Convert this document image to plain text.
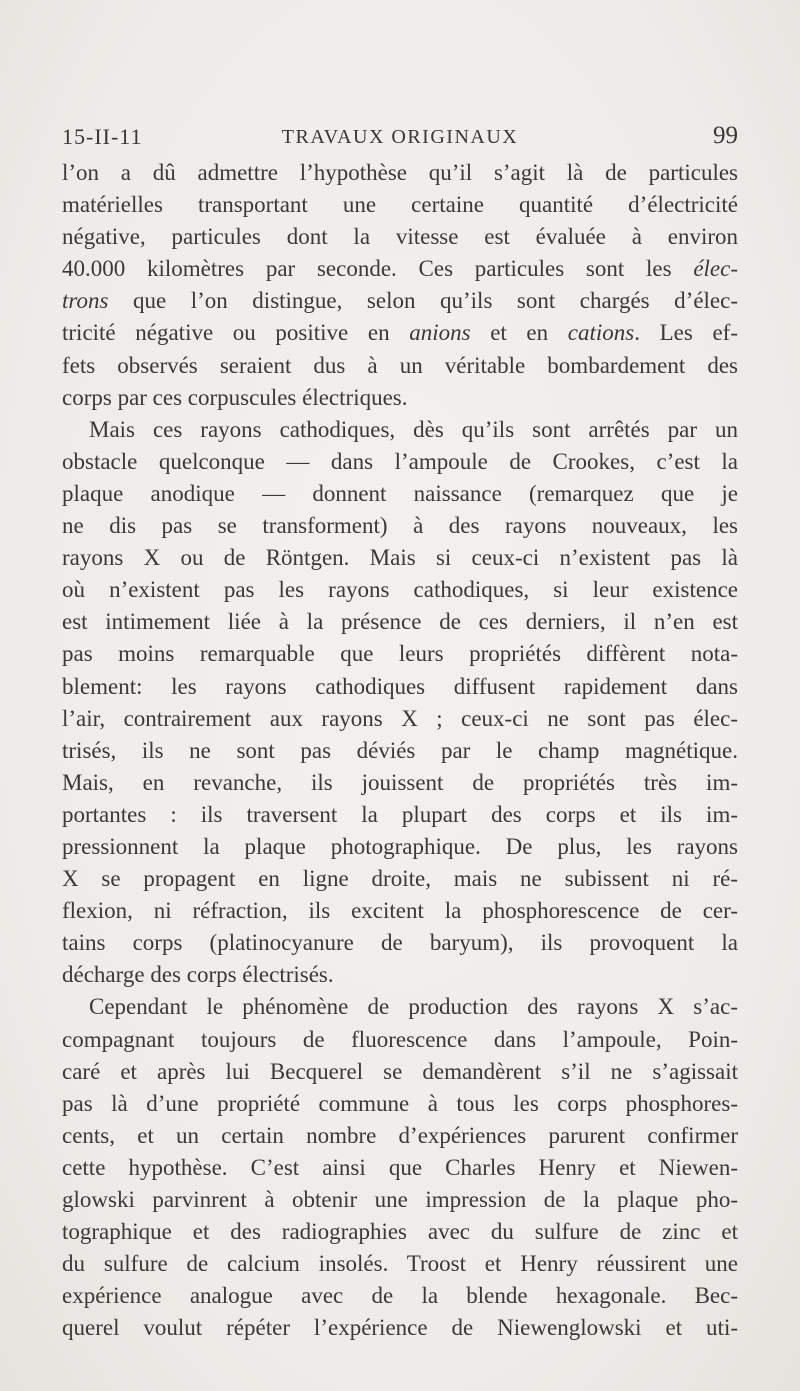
15-II-11	TRAVAUX ORIGINAUX	99
l’on a dû admettre l’hypothèse qu’il s’agit là de particules
matérielles transportant une certaine quantité d’électricité
négative, particules dont la vitesse est évaluée à environ
40.000 kilomètres par seconde. Ces particules sont les élec-
trons que l’on distingue, selon qu’ils sont chargés d’élec-
tricité négative ou positive en anions et en cations. Les ef-
fets observés seraient dus à un véritable bombardement des
corps par ces corpuscules électriques.
Mais ces rayons cathodiques, dès qu’ils sont arrêtés par un
obstacle quelconque — dans l’ampoule de Crookes, c’est la
plaque anodique — donnent naissance (remarquez que je
ne dis pas se transforment) à des rayons nouveaux, les
rayons X ou de Röntgen. Mais si ceux-ci n’existent pas là
où n’existent pas les rayons cathodiques, si leur existence
est intimement liée à la présence de ces derniers, il n’en est
pas moins remarquable que leurs propriétés diffèrent nota-
blement: les rayons cathodiques diffusent rapidement dans
l’air, contrairement aux rayons X ; ceux-ci ne sont pas élec-
trisés, ils ne sont pas déviés par le champ magnétique.
Mais, en revanche, ils jouissent de propriétés très im-
portantes : ils traversent la plupart des corps et ils im-
pressionnent la plaque photographique. De plus, les rayons
X se propagent en ligne droite, mais ne subissent ni ré-
flexion, ni réfraction, ils excitent la phosphorescence de cer-
tains corps (platinocyanure de baryum), ils provoquent la
décharge des corps électrisés.
Cependant le phénomène de production des rayons X s’ac-
compagnant toujours de fluorescence dans l’ampoule, Poin-
caré et après lui Becquerel se demandèrent s’il ne s’agissait
pas là d’une propriété commune à tous les corps phosphores-
cents, et un certain nombre d’expériences parurent confirmer
cette hypothèse. C’est ainsi que Charles Henry et Niewen-
glowski parvinrent à obtenir une impression de la plaque pho-
tographique et des radiographies avec du sulfure de zinc et
du sulfure de calcium insolés. Troost et Henry réussirent une
expérience analogue avec de la blende hexagonale. Bec-
querel voulut répéter l’expérience de Niewenglowski et uti-
